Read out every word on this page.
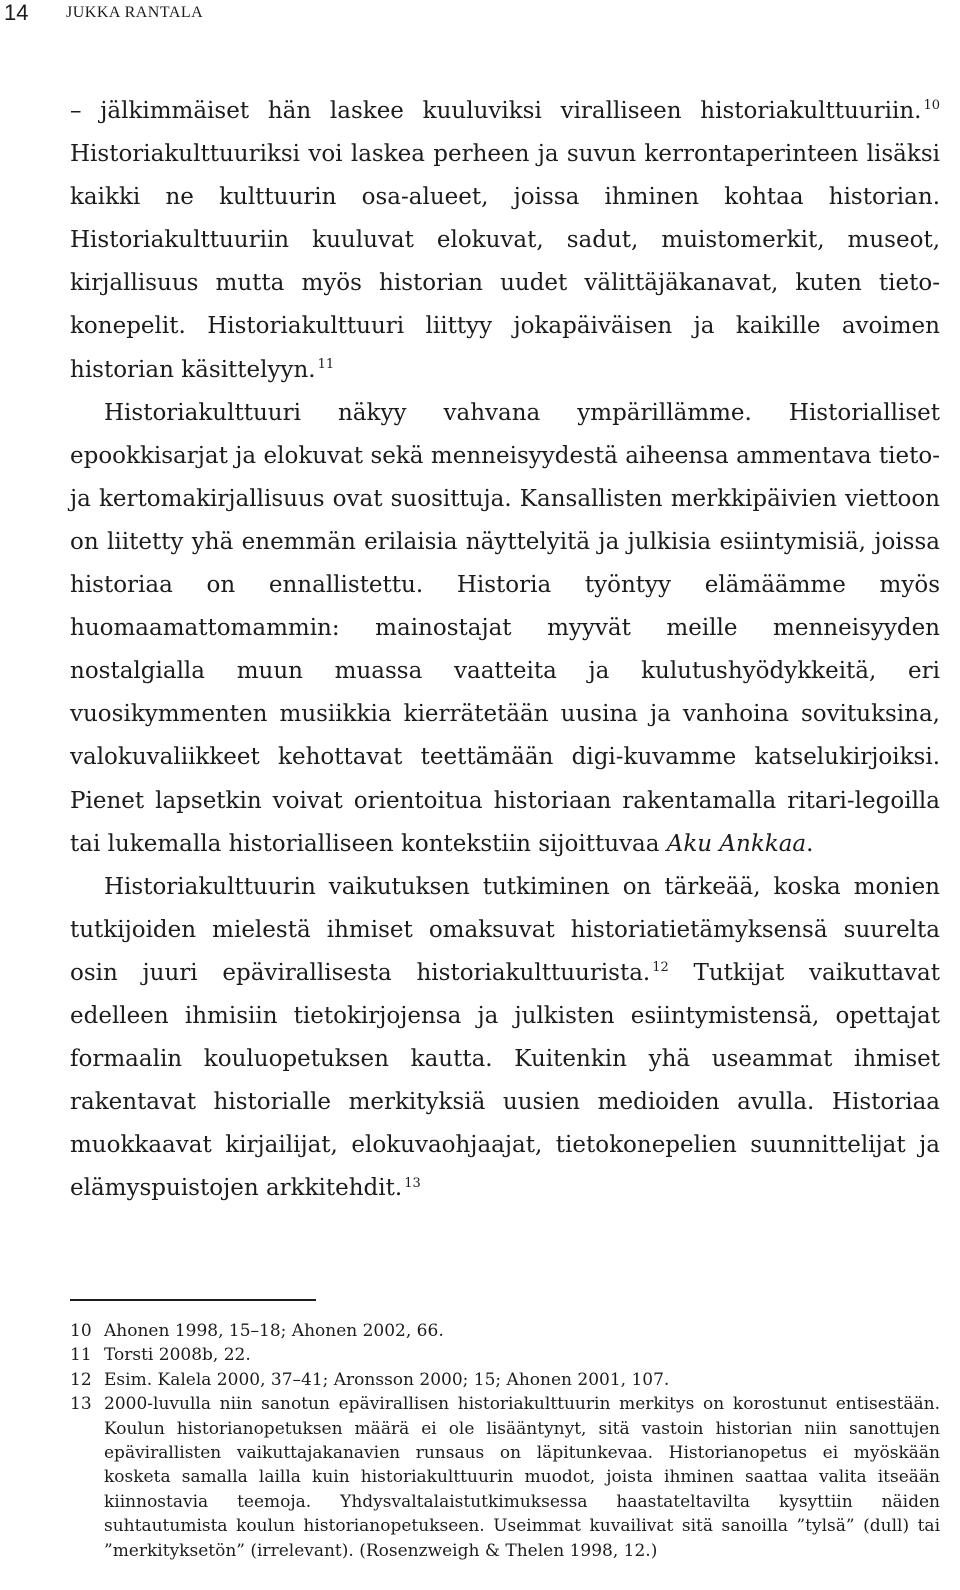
14 JUKKA RANTALA

– jälkimmäiset hän laskee kuuluviksi viralliseen historiakulttuuriin. $^{10}$ Historiakulttuuriksi voi laskea perheen ja suvun kerrontaperinteen lisäksi kaikki ne kulttuurin osa-alueet, joissa ihminen kohtaa historian. Historiakulttuuriin kuuluvat elokuvat, sadut, muistomerkit, museot, kirjallisuus mutta myös historian uudet välittäjäkanavat, kuten tietokonepelit. Historiakulttuuri liittyy jokapäiväisen ja kaikille avoimen historian käsittelyyn. $^{11}$

Historiakulttuuri näkyy vahvana ympärillämme. Historialliset epookkisarjat ja elokuvat sekä menneisyydestä aiheensa ammentava tieto- ja kertomakirjallisuus ovat suosittuja. Kansallisten merkkipäivien viettoon on liitetty yhä enemmän erilaisia näyttelyitä ja julkisia esiintymisiä, joissa historiaa on ennallistettu. Historia työntyy elämäämme myös huomaamattomammin: mainostajat myyvät meille menneisyyden nostalgialla muun muassa vaatteita ja kulutushyödykkeitä, eri vuosikymmenten musiikkia kierrätetään uusina ja vanhoina sovituksina, valokuvaliikkeet kehottavat teettämään digi-kuvamme katselukirjoiksi. Pienet lapsetkin voivat orientoitua historiaan rakentamalla ritari-legoilla tai lukemalla historialliseen kontekstiin sijoittuvaa Aku Ankkaa.

Historiakulttuurin vaikutuksen tutkiminen on tärkeää, koska monien tutkijoiden mielestä ihmiset omaksuvat historiatietämyksensä suurelta osin juuri epävirallisesta historiakulttuurista. $^{12}$ Tutkijat vaikuttavat edelleen ihmisiin tietokirjojensa ja julkisten esiintymistensä, opettajat formaalin kouluopetuksen kautta. Kuitenkin yhä useammat ihmiset rakentavat historialle merkityksiä uusien medioiden avulla. Historiaa muokkaavat kirjailijat, elokuvaohjaajat, tietokonepelien suunnittelijat ja elämyspuistojen arkkitehdit. $^{13}$

10 Ahonen 1998, 15–18; Ahonen 2002, 66.
11 Torsti 2008b, 22.
12 Esim. Kalela 2000, 37–41; Aronsson 2000; 15; Ahonen 2001, 107.
13 2000-luvulla niin sanotun epävirallisen historiakulttuurin merkitys on korostunut entisestään. Koulun historianopetuksen määrä ei ole lisääntynyt, sitä vastoin historian niin sanottujen epävirallisten vaikuttajakanavien runsaus on läpitunkevaa. Historianopetus ei myöskään kosketa samalla lailla kuin historiakulttuurin muodot, joista ihminen saattaa valita itseään kiinnostavia teemoja. Yhdysvaltalaistutkimuksessa haastateltavilta kysyttiin näiden suhtautumista koulun historianopetukseen. Useimmat kuvailivat sitä sanoilla ”tylsä” (dull) tai ”merkityksetön” (irrelevant). (Rosenzweigh & Thelen 1998, 12.)
